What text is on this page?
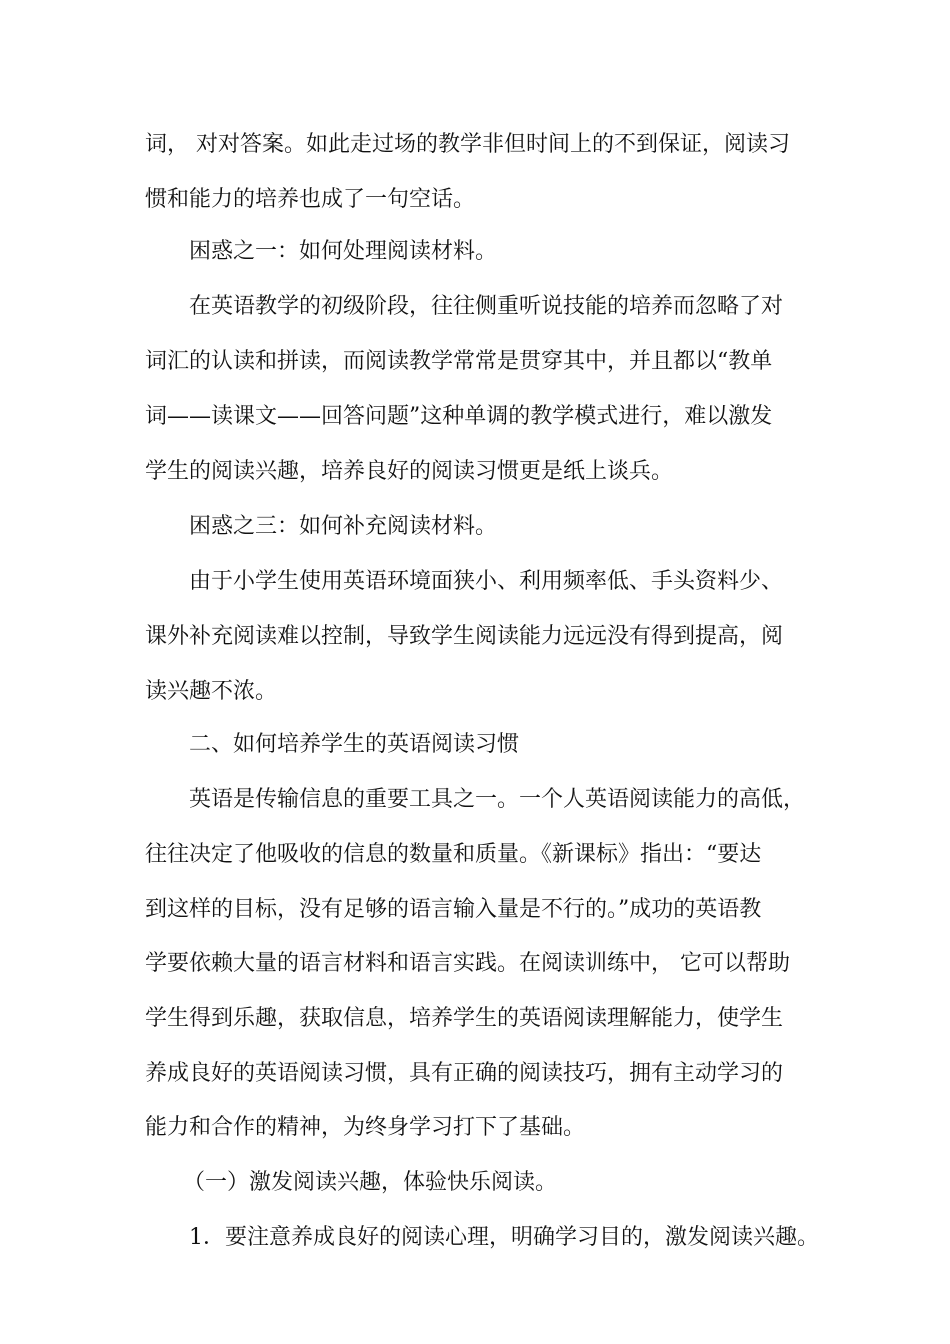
词， 对对答案。如此走过场的教学非但时间上的不到保证，阅读习
惯和能力的培养也成了一句空话。
困惑之一：如何处理阅读材料。
在英语教学的初级阶段，往往侧重听说技能的培养而忽略了对
词汇的认读和拼读，而阅读教学常常是贯穿其中，并且都以“教单
词——读课文——回答问题”这种单调的教学模式进行，难以激发
学生的阅读兴趣，培养良好的阅读习惯更是纸上谈兵。
困惑之三：如何补充阅读材料。
由于小学生使用英语环境面狭小、利用频率低、手头资料少、
课外补充阅读难以控制，导致学生阅读能力远远没有得到提高，阅
读兴趣不浓。
二、如何培养学生的英语阅读习惯
英语是传输信息的重要工具之一。一个人英语阅读能力的高低，
往往决定了他吸收的信息的数量和质量。《新课标》指出：“要达
到这样的目标，没有足够的语言输入量是不行的。”成功的英语教
学要依赖大量的语言材料和语言实践。在阅读训练中， 它可以帮助
学生得到乐趣，获取信息，培养学生的英语阅读理解能力，使学生
养成良好的英语阅读习惯，具有正确的阅读技巧，拥有主动学习的
能力和合作的精神，为终身学习打下了基础。
（一）激发阅读兴趣，体验快乐阅读。
1．要注意养成良好的阅读心理，明确学习目的，激发阅读兴趣。
